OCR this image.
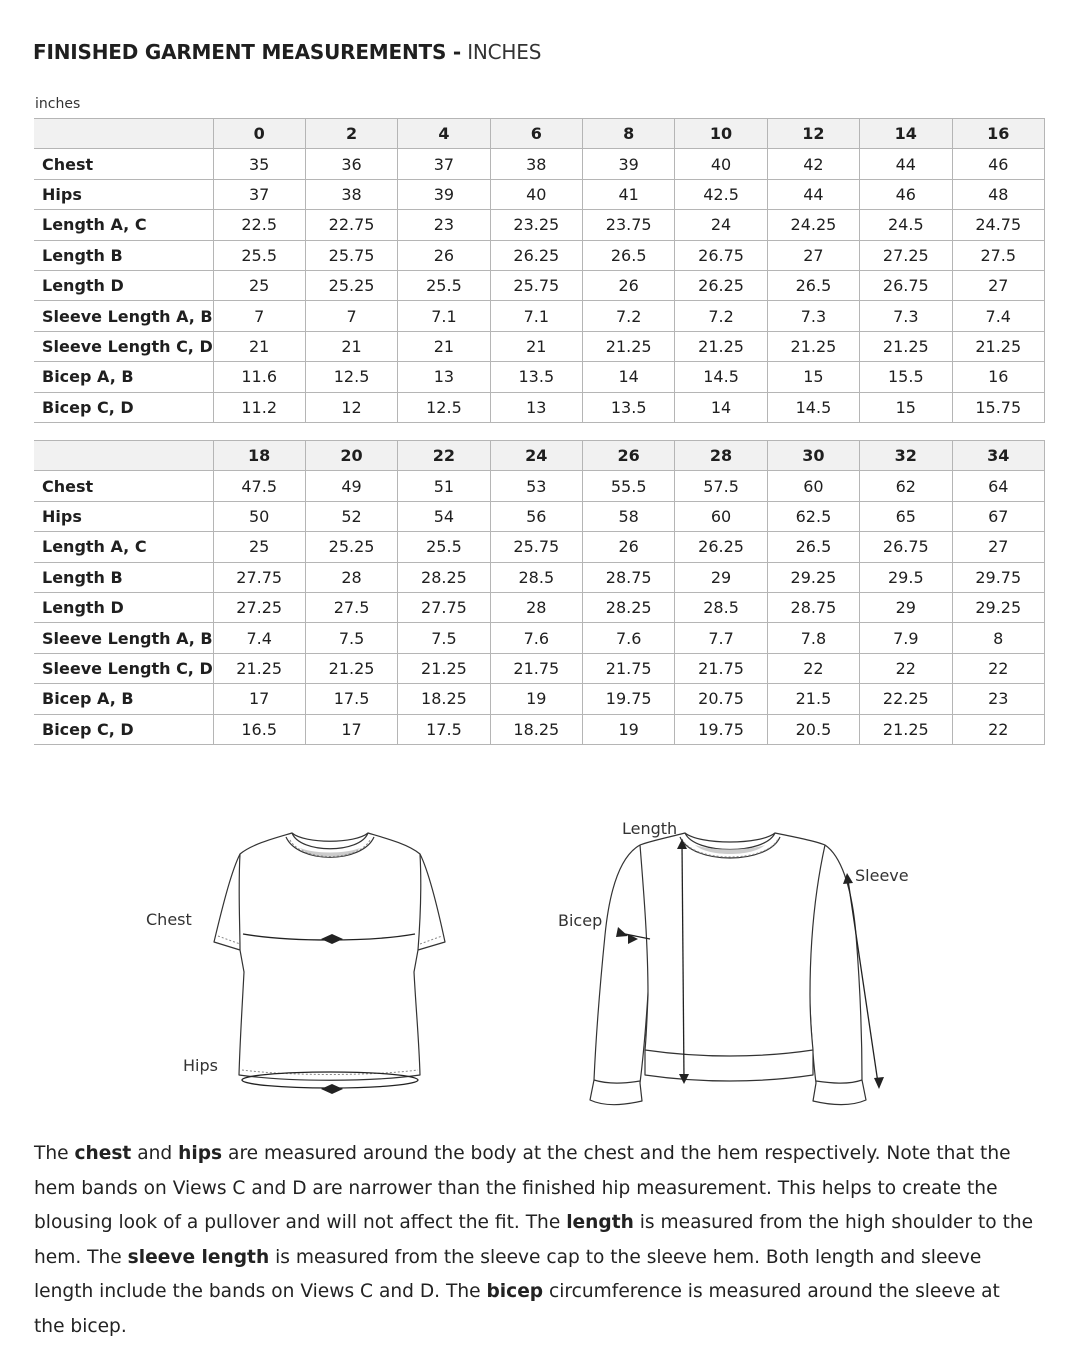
FINISHED GARMENT MEASUREMENTS - INCHES
inches
	0	2	4	6	8	10	12	14	16
Chest	35	36	37	38	39	40	42	44	46
Hips	37	38	39	40	41	42.5	44	46	48
Length A, C	22.5	22.75	23	23.25	23.75	24	24.25	24.5	24.75
Length B	25.5	25.75	26	26.25	26.5	26.75	27	27.25	27.5
Length D	25	25.25	25.5	25.75	26	26.25	26.5	26.75	27
Sleeve Length A, B	7	7	7.1	7.1	7.2	7.2	7.3	7.3	7.4
Sleeve Length C, D	21	21	21	21	21.25	21.25	21.25	21.25	21.25
Bicep A, B	11.6	12.5	13	13.5	14	14.5	15	15.5	16
Bicep C, D	11.2	12	12.5	13	13.5	14	14.5	15	15.75
	18	20	22	24	26	28	30	32	34
Chest	47.5	49	51	53	55.5	57.5	60	62	64
Hips	50	52	54	56	58	60	62.5	65	67
Length A, C	25	25.25	25.5	25.75	26	26.25	26.5	26.75	27
Length B	27.75	28	28.25	28.5	28.75	29	29.25	29.5	29.75
Length D	27.25	27.5	27.75	28	28.25	28.5	28.75	29	29.25
Sleeve Length A, B	7.4	7.5	7.5	7.6	7.6	7.7	7.8	7.9	8
Sleeve Length C, D	21.25	21.25	21.25	21.75	21.75	21.75	22	22	22
Bicep A, B	17	17.5	18.25	19	19.75	20.75	21.5	22.25	23
Bicep C, D	16.5	17	17.5	18.25	19	19.75	20.5	21.25	22
Chest
Hips
Length
Sleeve
Bicep

The chest and hips are measured around the body at the chest and the hem respectively. Note that the hem bands on Views C and D are narrower than the finished hip measurement. This helps to create the blousing look of a pullover and will not affect the fit. The length is measured from the high shoulder to the hem. The sleeve length is measured from the sleeve cap to the sleeve hem. Both length and sleeve length include the bands on Views C and D. The bicep circumference is measured around the sleeve at the bicep.
